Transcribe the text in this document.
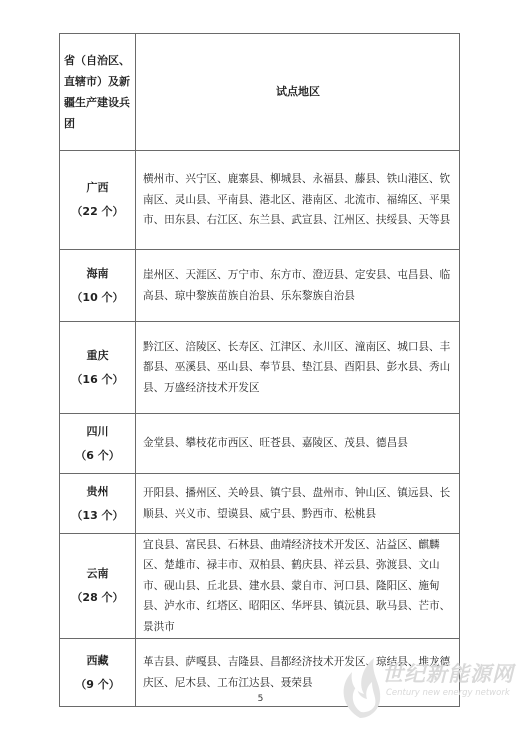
省（自治区、直辖市）及新疆生产建设兵团	试点地区

广西
（22 个）	横州市、兴宁区、鹿寨县、柳城县、永福县、藤县、铁山港区、钦南区、灵山县、平南县、港北区、港南区、北流市、福绵区、平果市、田东县、右江区、东兰县、武宣县、江州区、扶绥县、天等县

海南
（10 个）	崖州区、天涯区、万宁市、东方市、澄迈县、定安县、屯昌县、临高县、琼中黎族苗族自治县、乐东黎族自治县

重庆
（16 个）	黔江区、涪陵区、长寿区、江津区、永川区、潼南区、城口县、丰都县、巫溪县、巫山县、奉节县、垫江县、酉阳县、彭水县、秀山县、万盛经济技术开发区

四川
（6 个）	金堂县、攀枝花市西区、旺苍县、嘉陵区、茂县、德昌县

贵州
（13 个）	开阳县、播州区、关岭县、镇宁县、盘州市、钟山区、镇远县、长顺县、兴义市、望谟县、威宁县、黔西市、松桃县

云南
（28 个）	宜良县、富民县、石林县、曲靖经济技术开发区、沾益区、麒麟区、楚雄市、禄丰市、双柏县、鹤庆县、祥云县、弥渡县、文山市、砚山县、丘北县、建水县、蒙自市、河口县、隆阳区、施甸县、泸水市、红塔区、昭阳区、华坪县、镇沅县、耿马县、芒市、景洪市

西藏
（9 个）	革吉县、萨嘎县、吉隆县、昌都经济技术开发区、琼结县、堆龙德庆区、尼木县、工布江达县、聂荣县
5
世纪新能源网
Century new energy network
